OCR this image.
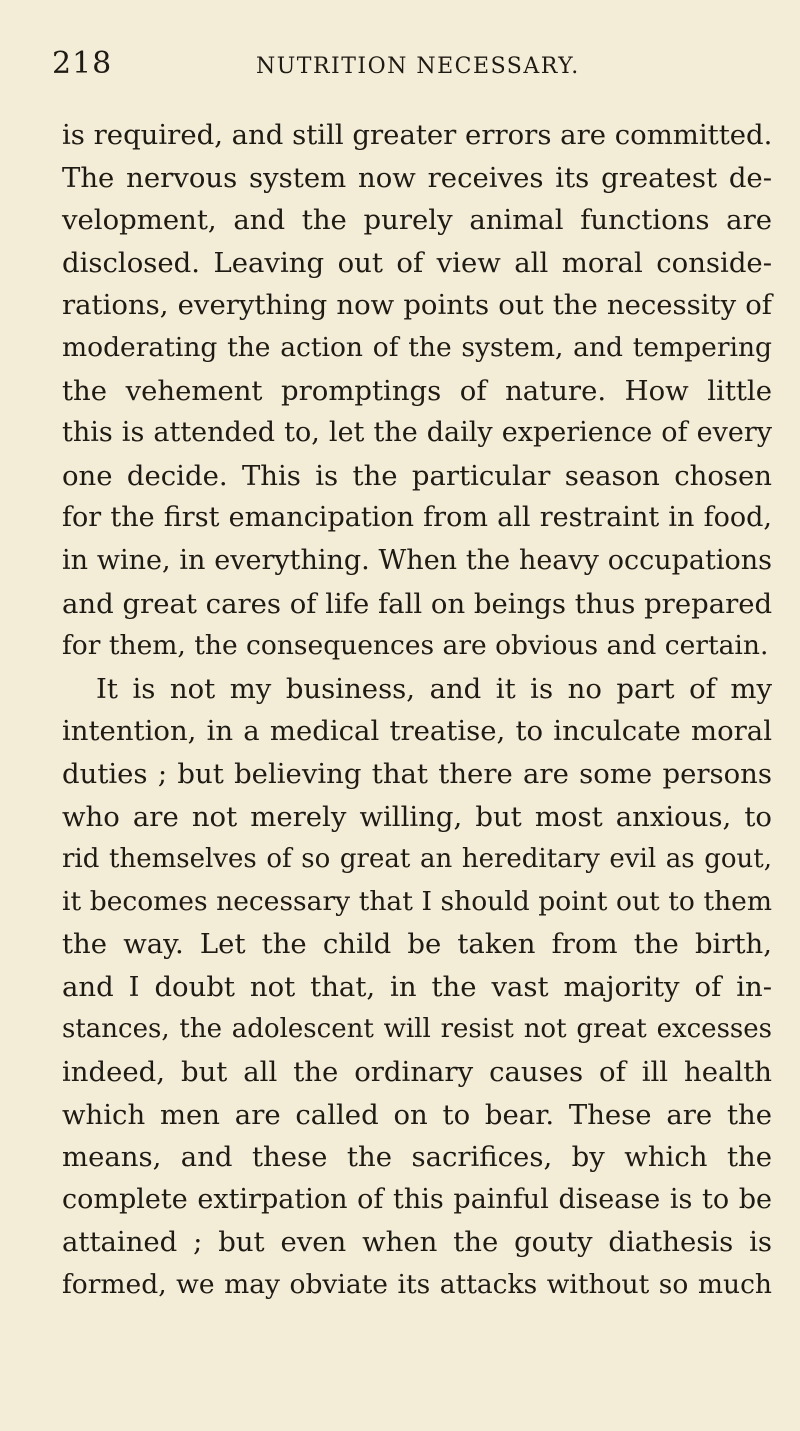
218	NUTRITION NECESSARY.
is required, and still greater errors are committed.
The nervous system now receives its greatest de-
velopment, and the purely animal functions are
disclosed. Leaving out of view all moral conside-
rations, everything now points out the necessity of
moderating the action of the system, and tempering
the vehement promptings of nature. How little
this is attended to, let the daily experience of every
one decide. This is the particular season chosen
for the first emancipation from all restraint in food,
in wine, in everything. When the heavy occupations
and great cares of life fall on beings thus prepared
for them, the consequences are obvious and certain.
It is not my business, and it is no part of my
intention, in a medical treatise, to inculcate moral
duties ; but believing that there are some persons
who are not merely willing, but most anxious, to
rid themselves of so great an hereditary evil as gout,
it becomes necessary that I should point out to them
the way. Let the child be taken from the birth,
and I doubt not that, in the vast majority of in-
stances, the adolescent will resist not great excesses
indeed, but all the ordinary causes of ill health
which men are called on to bear. These are the
means, and these the sacrifices, by which the
complete extirpation of this painful disease is to be
attained ; but even when the gouty diathesis is
formed, we may obviate its attacks without so much
